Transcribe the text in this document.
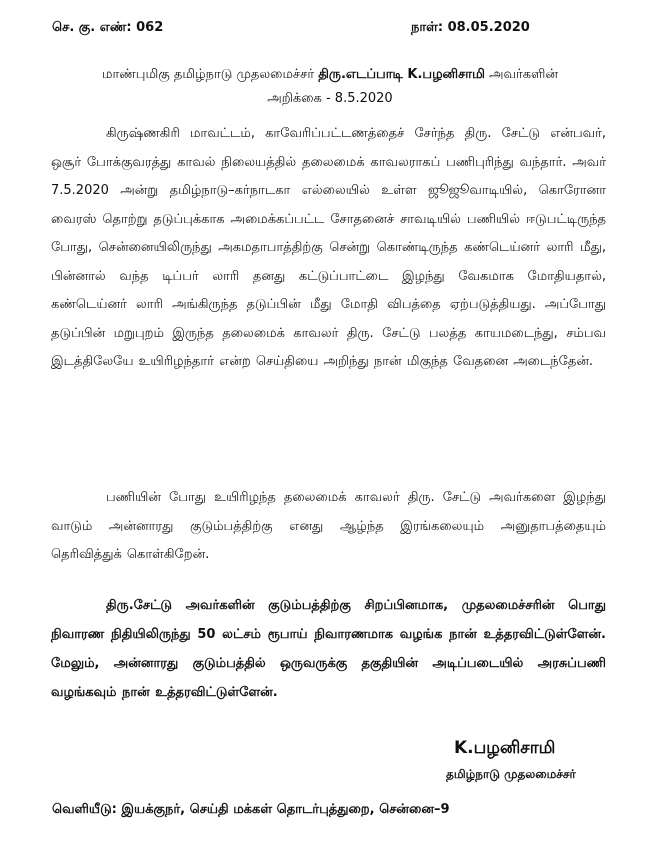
செ. கு. எண்: 062	நாள்: 08.05.2020
மாண்புமிகு தமிழ்நாடு முதலமைச்சர் திரு.எடப்பாடி K.பழனிசாமி அவர்களின்
அறிக்கை - 8.5.2020

கிருஷ்ணகிரி மாவட்டம், காவேரிப்பட்டணத்தைச் சேர்ந்த திரு. சேட்டு என்பவர், ஒசூர் போக்குவரத்து காவல் நிலையத்தில் தலைமைக் காவலராகப் பணிபுரிந்து வந்தார். அவர் 7.5.2020 அன்று தமிழ்நாடு–கர்நாடகா எல்லையில் உள்ள ஜூஜூவாடியில், கொரோனா வைரஸ் தொற்று தடுப்புக்காக அமைக்கப்பட்ட சோதனைச் சாவடியில் பணியில் ஈடுபட்டிருந்த போது, சென்னையிலிருந்து அகமதாபாத்திற்கு சென்று கொண்டிருந்த கண்டெய்னர் லாரி மீது, பின்னால் வந்த டிப்பர் லாரி தனது கட்டுப்பாட்டை இழந்து வேகமாக மோதியதால், கண்டெய்னர் லாரி அங்கிருந்த தடுப்பின் மீது மோதி விபத்தை ஏற்படுத்தியது. அப்போது தடுப்பின் மறுபுறம் இருந்த தலைமைக் காவலர் திரு. சேட்டு பலத்த காயமடைந்து, சம்பவ இடத்திலேயே உயிரிழந்தார் என்ற செய்தியை அறிந்து நான் மிகுந்த வேதனை அடைந்தேன்.

பணியின் போது உயிரிழந்த தலைமைக் காவலர் திரு. சேட்டு அவர்களை இழந்து வாடும் அன்னாரது குடும்பத்திற்கு எனது ஆழ்ந்த இரங்கலையும் அனுதாபத்தையும் தெரிவித்துக் கொள்கிறேன்.

திரு.சேட்டு அவர்களின் குடும்பத்திற்கு சிறப்பினமாக, முதலமைச்சரின் பொது நிவாரண நிதியிலிருந்து 50 லட்சம் ரூபாய் நிவாரணமாக வழங்க நான் உத்தரவிட்டுள்ளேன். மேலும், அன்னாரது குடும்பத்தில் ஒருவருக்கு தகுதியின் அடிப்படையில் அரசுப்பணி வழங்கவும் நான் உத்தரவிட்டுள்ளேன்.

K.பழனிசாமி
தமிழ்நாடு முதலமைச்சர்
வெளியீடு: இயக்குநர், செய்தி மக்கள் தொடர்புத்துறை, சென்னை–9
